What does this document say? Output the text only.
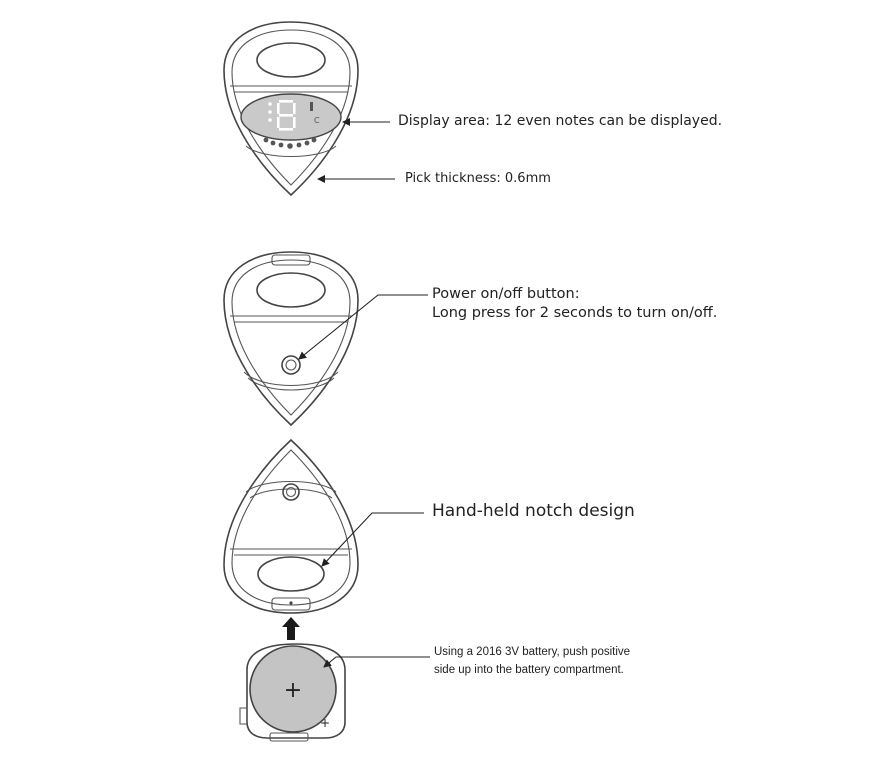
C
+
+
Display area: 12 even notes can be displayed.
Pick thickness: 0.6mm
Power on/off button:
Long press for 2 seconds to turn on/off.
Hand-held notch design
Using a 2016 3V battery, push positive
side up into the battery compartment.
